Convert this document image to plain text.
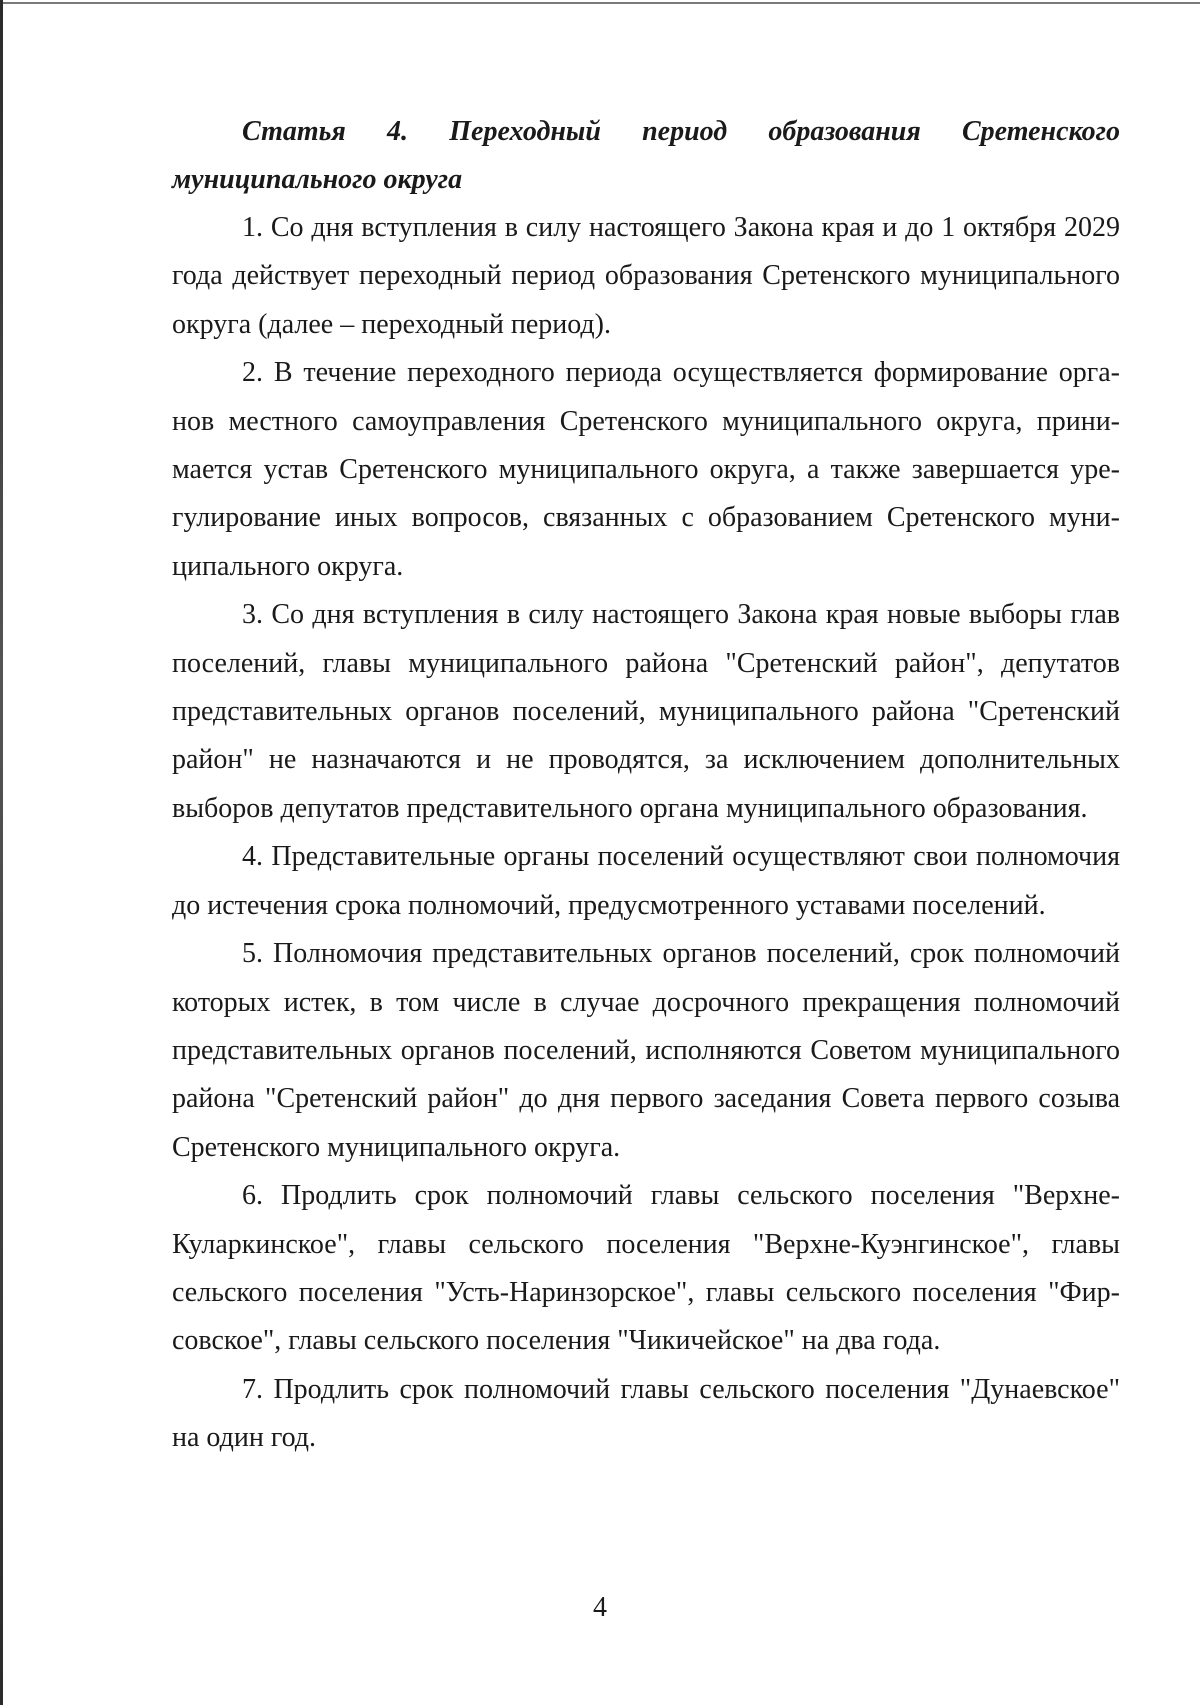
Статья 4. Переходный период образования Сретенского
муниципального округа

1. Со дня вступления в силу настоящего Закона края и до 1 октября 2029 года действует переходный период образования Сретенского муниципального округа (далее – переходный период).

2. В течение переходного периода осуществляется формирование органов местного самоуправления Сретенского муниципального округа, принимается устав Сретенского муниципального округа, а также завершается урегулирование иных вопросов, связанных с образованием Сретенского муниципального округа.

3. Со дня вступления в силу настоящего Закона края новые выборы глав поселений, главы муниципального района "Сретенский район", депутатов представительных органов поселений, муниципального района "Сретенский район" не назначаются и не проводятся, за исключением дополнительных выборов депутатов представительного органа муниципального образования.

4. Представительные органы поселений осуществляют свои полномочия до истечения срока полномочий, предусмотренного уставами поселений.

5. Полномочия представительных органов поселений, срок полномочий которых истек, в том числе в случае досрочного прекращения полномочий представительных органов поселений, исполняются Советом муниципального района "Сретенский район" до дня первого заседания Совета первого созыва Сретенского муниципального округа.

6. Продлить срок полномочий главы сельского поселения "Верхне-Куларкинское", главы сельского поселения "Верхне-Куэнгинское", главы сельского поселения "Усть-Наринзорское", главы сельского поселения "Фирсовское", главы сельского поселения "Чикичейское" на два года.

7. Продлить срок полномочий главы сельского поселения "Дунаевское" на один год.

4
